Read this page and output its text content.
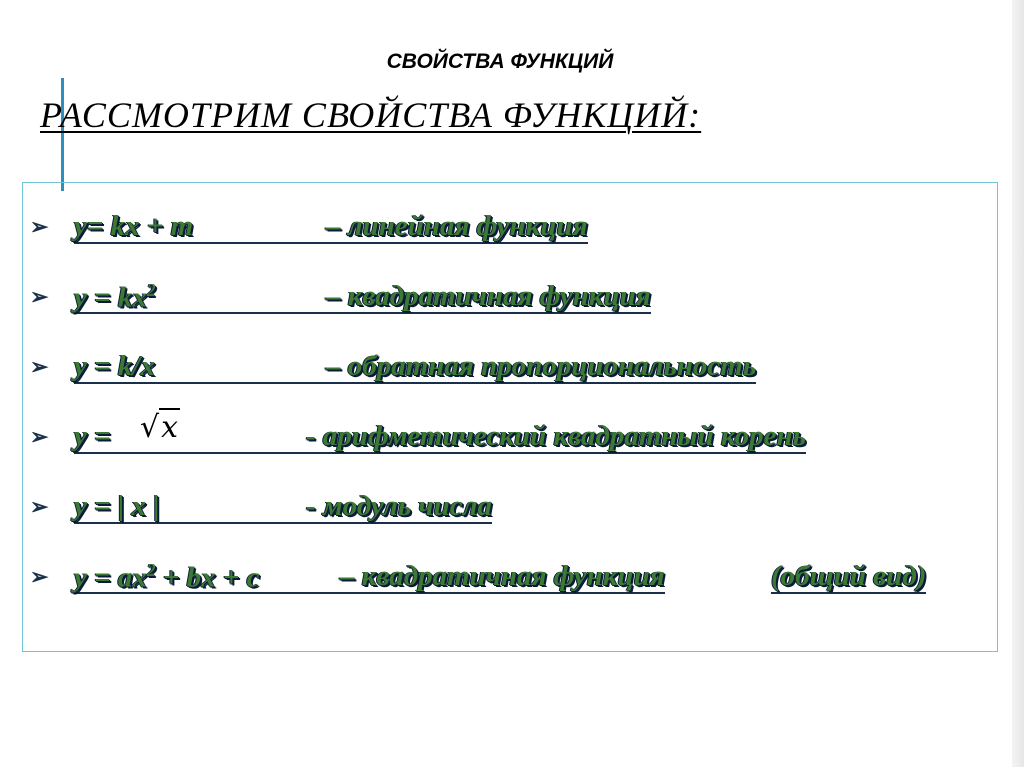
СВОЙСТВА ФУНКЦИЙ
РАССМОТРИМ СВОЙСТВА ФУНКЦИЙ:
➢ y= kx + m	– линейная функция
➢ $y = kx^2$	– квадратичная функция
➢ y = k/x	– обратная пропорциональность
➢ y =	- арифметический квадратный корень
√x
➢ y = | x |	- модуль числа
➢ $y = ax^2$ + bx + c	– квадратичная функция	(общий вид)
